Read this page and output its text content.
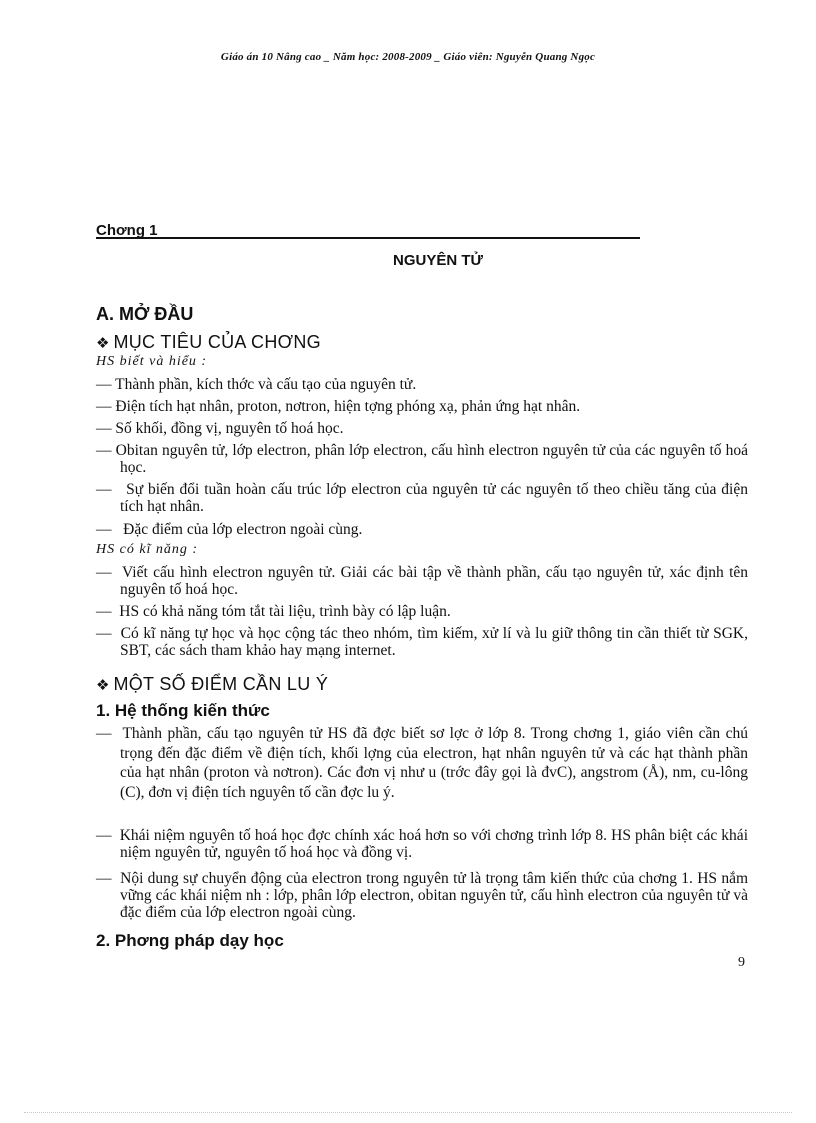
Giáo án 10 Nâng cao _ Năm học: 2008-2009 _ Giáo viên: Nguyễn Quang Ngọc
Chơng 1
NGUYÊN TỬ
A. MỞ ĐẦU
❖ MỤC TIÊU CỦA CHƠNG
HS biết và hiểu :
— Thành phần, kích thớc và cấu tạo của nguyên tử.
— Điện tích hạt nhân, proton, nơtron, hiện tợng phóng xạ, phản ứng hạt nhân.
— Số khối, đồng vị, nguyên tố hoá học.
— Obitan nguyên tử, lớp electron, phân lớp electron, cấu hình electron nguyên tử của các nguyên tố hoá học.
—   Sự biến đổi tuần hoàn cấu trúc lớp electron của nguyên tử các nguyên tố theo chiều tăng của điện tích hạt nhân.
—   Đặc điểm của lớp electron ngoài cùng.
HS có kĩ năng :
—  Viết cấu hình electron nguyên tử. Giải các bài tập về thành phần, cấu tạo nguyên tử, xác định tên nguyên tố hoá học.
—  HS có khả năng tóm tắt tài liệu, trình bày có lập luận.
—  Có kĩ năng tự học và học cộng tác theo nhóm, tìm kiếm, xử lí và lu giữ thông tin cần thiết từ SGK, SBT, các sách tham khảo hay mạng internet.
❖ MỘT SỐ ĐIỂM CẦN LU Ý
1. Hệ thống kiến thức
—  Thành phần, cấu tạo nguyên tử HS đã đợc biết sơ lợc ở lớp 8. Trong chơng 1, giáo viên cần chú trọng đến đặc điểm về điện tích, khối lợng của electron, hạt nhân nguyên tử và các hạt thành phần của hạt nhân (proton và nơtron). Các đơn vị như u (trớc đây gọi là đvC), angstrom (Å), nm, cu-lông (C), đơn vị điện tích nguyên tố cần đợc lu ý.
—  Khái niệm nguyên tố hoá học đợc chính xác hoá hơn so với chơng trình lớp 8. HS phân biệt các khái niệm nguyên tử, nguyên tố hoá học và đồng vị.
—  Nội dung sự chuyển động của electron trong nguyên tử là trọng tâm kiến thức của chơng 1. HS nắm vững các khái niệm nh : lớp, phân lớp electron, obitan nguyên tử, cấu hình electron của nguyên tử và đặc điểm của lớp electron ngoài cùng.
2. Phơng pháp dạy học
9
